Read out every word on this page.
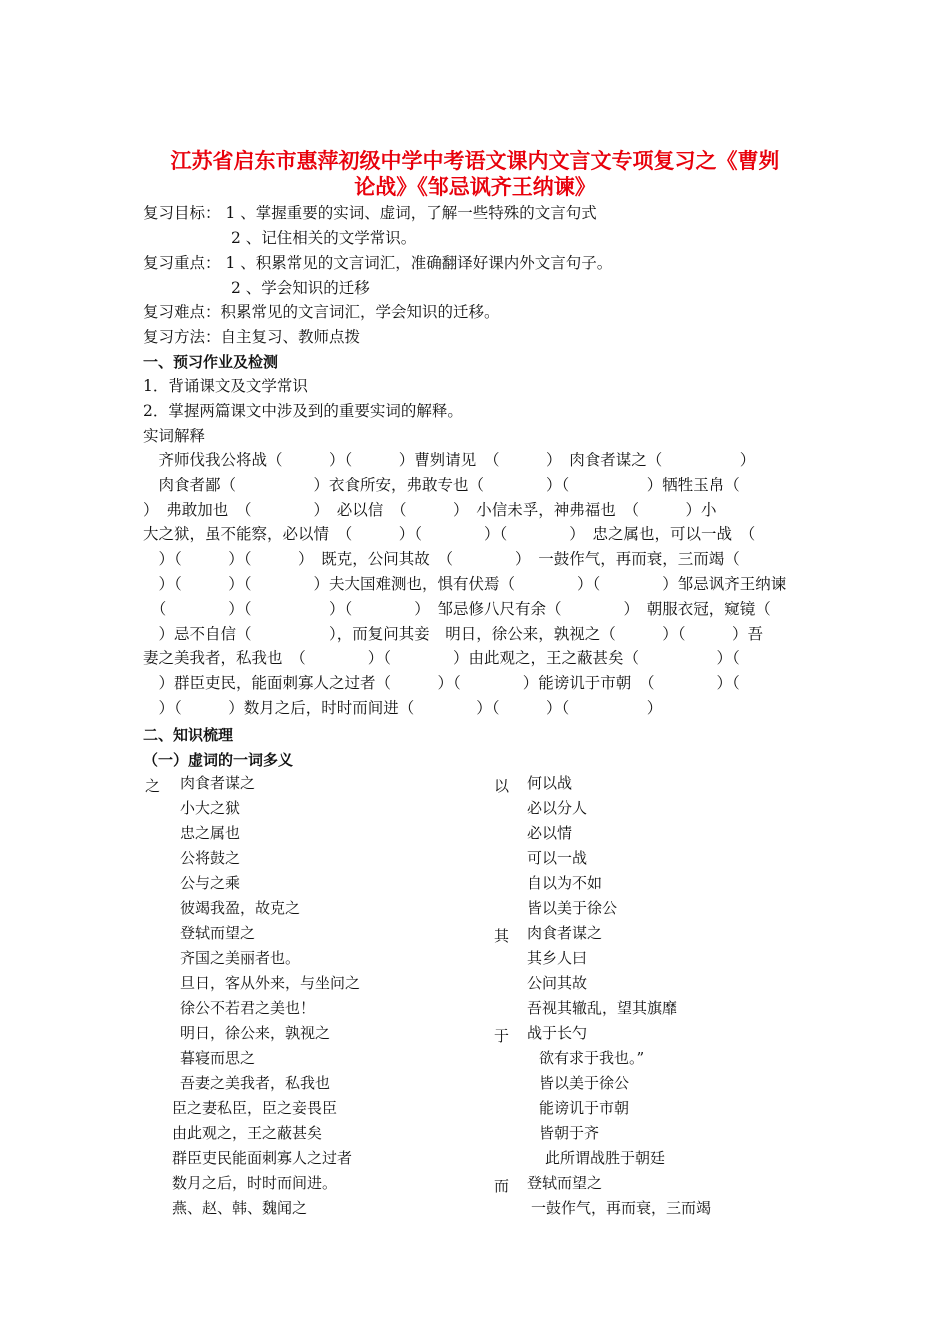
江苏省启东市惠萍初级中学中考语文课内文言文专项复习之《曹刿
论战》《邹忌讽齐王纳谏》
复习目标： 1 、掌握重要的实词、虚词，了解一些特殊的文言句式
2 、记住相关的文学常识。
复习重点： 1 、积累常见的文言词汇，准确翻译好课内外文言句子。
2 、学会知识的迁移
复习难点：积累常见的文言词汇，学会知识的迁移。
复习方法：自主复习、教师点拨
一、预习作业及检测
1．背诵课文及文学常识
2．掌握两篇课文中涉及到的重要实词的解释。
实词解释

　齐师伐我公将战（　　　）（　　　）曹刿请见　（　　　）　肉食者谋之（　　　　　）

　肉食者鄙（　　　　　）衣食所安，弗敢专也（　　　　）（　　　　　）牺牲玉帛（

）　弗敢加也　（　　　　）　必以信　（　　　）　小信未孚，神弗福也　（　　　）小

大之狱，虽不能察，必以情　（　　　）（　　　　）（　　　　）　忠之属也，可以一战　（

　）（　　　）（　　　）　既克，公问其故　（　　　　）　一鼓作气，再而衰，三而竭（

　）（　　　）（　　　　）夫大国难测也，惧有伏焉（　　　　）（　　　　）邹忌讽齐王纳谏

　（　　　　）（　　　　　）（　　　　）　邹忌修八尺有余（　　　　）　朝服衣冠，窥镜（

　）忌不自信（　　　　　），而复问其妾　明日，徐公来，孰视之（　　　）（　　　）吾

妻之美我者，私我也　（　　　　）（　　　　）由此观之，王之蔽甚矣（　　　　　）（

　）群臣吏民，能面刺寡人之过者（　　　）（　　　　）能谤讥于市朝　（　　　　）（

　）（　　　）数月之后，时时而间进（　　　　）（　　　）（　　　　　）

二、知识梳理
（一）虚词的一词多义
之 肉食者谋之
小大之狱
忠之属也
公将鼓之
公与之乘
彼竭我盈，故克之
登轼而望之
齐国之美丽者也。
旦日，客从外来，与坐问之
徐公不若君之美也！
明日，徐公来，孰视之
暮寝而思之
吾妻之美我者，私我也
臣之妻私臣，臣之妾畏臣
由此观之，王之蔽甚矣
群臣吏民能面刺寡人之过者
数月之后，时时而间进。
燕、赵、韩、魏闻之
以 何以战
必以分人
必以情
可以一战
自以为不如
皆以美于徐公
其 肉食者谋之
其乡人曰
公问其故
吾视其辙乱，望其旗靡
于 战于长勺
欲有求于我也。”
皆以美于徐公
能谤讥于市朝
皆朝于齐
此所谓战胜于朝廷
而 登轼而望之
一鼓作气，再而衰，三而竭
